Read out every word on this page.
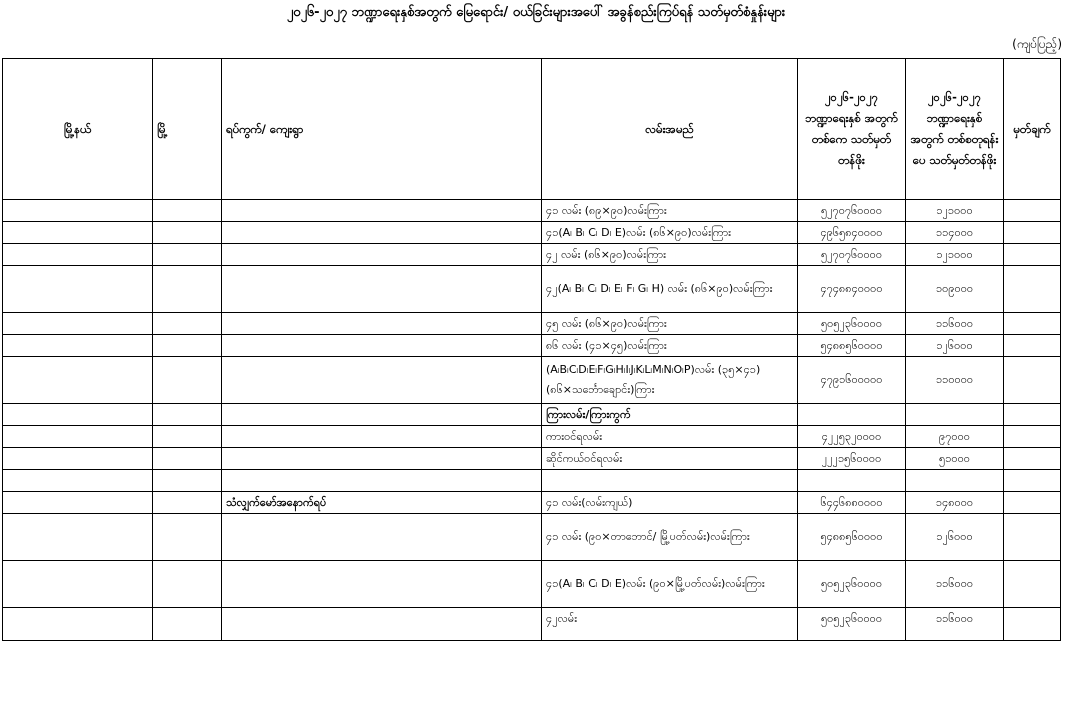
၂၀၂၆-၂၀၂၇ ဘဏ္ဍာရေးနှစ်အတွက် မြေရောင်း/ ဝယ်ခြင်းများအပေါ် အခွန်စည်းကြပ်ရန် သတ်မှတ်စံနှုန်းများ
(ကျပ်ပြည့်)
မြို့နယ်	မြို့	ရပ်ကွက်/ ကျေးရွာ	လမ်းအမည်	၂၀၂၆-၂၀၂၇ ဘဏ္ဍာရေးနှစ် အတွက် တစ်ကေ သတ်မှတ်တန်ဖိုး	၂၀၂၆-၂၀၂၇ ဘဏ္ဍာရေးနှစ် အတွက် တစ်စတုရန်းပေ သတ်မှတ်တန်ဖိုး	မှတ်ချက်
			၄၁ လမ်း (၈၉×၉၀)လမ်းကြား	၅၂၇၀၇၆၀၀၀၀	၁၂၁၀၀၀	
			၄၁(A၊ B၊ C၊ D၊ E)လမ်း (၈၆×၉၀)လမ်းကြား	၄၉၆၅၈၄၀၀၀၀	၁၁၄၀၀၀	
			၄၂ လမ်း (၈၆×၉၀)လမ်းကြား	၅၂၇၀၇၆၀၀၀၀	၁၂၁၀၀၀	
			၄၂(A၊ B၊ C၊ D၊ E၊ F၊ G၊ H) လမ်း (၈၆×၉၀)လမ်းကြား	၄၇၄၈၈၄၀၀၀၀	၁၀၉၀၀၀	
			၄၅ လမ်း (၈၆×၉၀)လမ်းကြား	၅၀၅၂၃၆၀၀၀၀	၁၁၆၀၀၀	
			၈၆ လမ်း (၄၁×၄၅)လမ်းကြား	၅၄၈၈၅၆၀၀၀၀	၁၂၆၀၀၀	
			(A၊B၊C၊D၊E၊F၊G၊H၊I၊J၊K၊L၊M၊N၊O၊P)လမ်း (၃၅×၄၁)(၈၆×သင်္ဘောချောင်း)ကြား	၄၇၉၁၆၀၀၀၀၀	၁၁၀၀၀၀	
			ကြားလမ်း/ကြားကွက်			
			ကားဝင်ရလမ်း	၄၂၂၅၃၂၀၀၀၀	၉၇၀၀၀	
			ဆိုင်ကယ်ဝင်ရလမ်း	၂၂၂၁၅၆၀၀၀၀	၅၁၀၀၀	

		သံလျှက်မော်အနောက်ရပ်	၄၁ လမ်း(လမ်းကျယ်)	၆၄၄၆၈၈၀၀၀၀	၁၄၈၀၀၀	
			၄၁ လမ်း (၉၀×တာဘောင်/ မြို့ပတ်လမ်း)လမ်းကြား	၅၄၈၈၅၆၀၀၀၀	၁၂၆၀၀၀	
			၄၁(A၊ B၊ C၊ D၊ E)လမ်း (၉၀×မြို့ပတ်လမ်း)လမ်းကြား	၅၀၅၂၃၆၀၀၀၀	၁၁၆၀၀၀	
			၄၂လမ်း	၅၀၅၂၃၆၀၀၀၀	၁၁၆၀၀၀	
